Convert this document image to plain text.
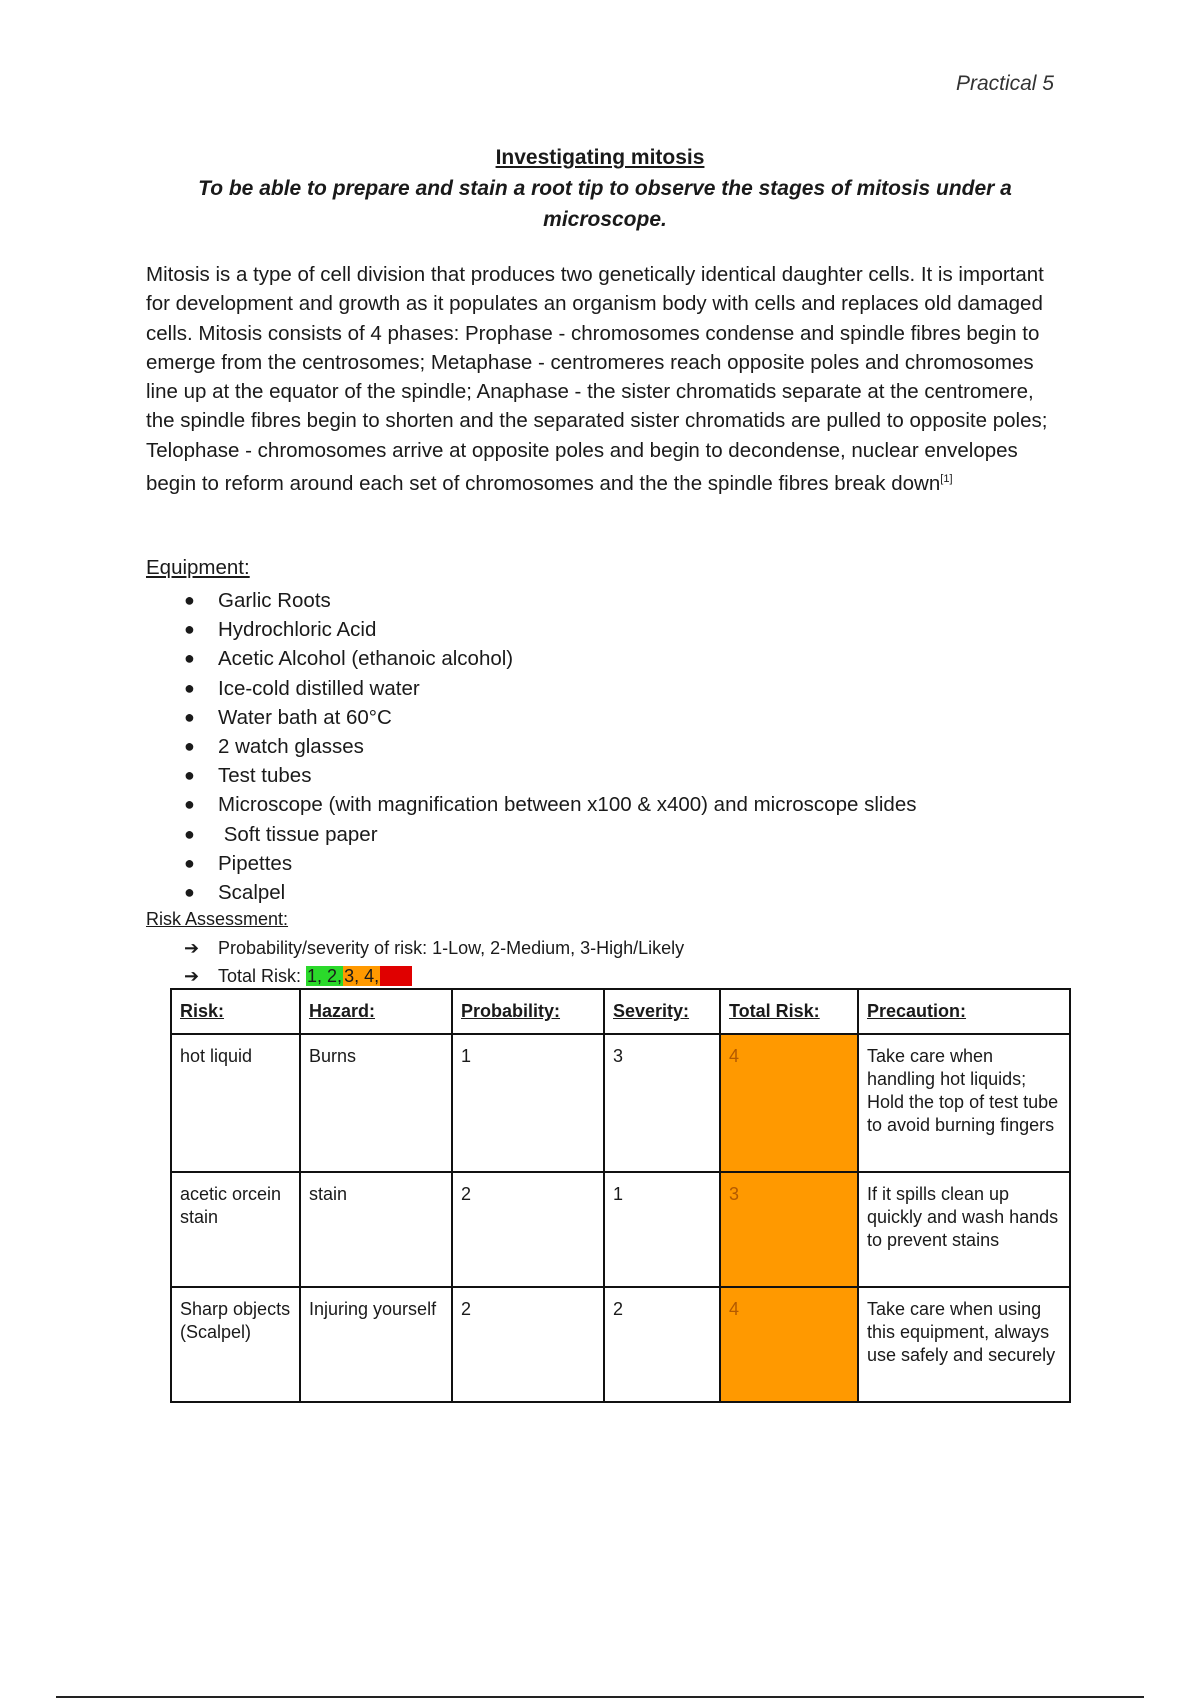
Practical 5
Investigating mitosis
To be able to prepare and stain a root tip to observe the stages of mitosis under a microscope.
Mitosis is a type of cell division that produces two genetically identical daughter cells. It is important for development and growth as it populates an organism body with cells and replaces old damaged cells. Mitosis consists of 4 phases: Prophase - chromosomes condense and spindle fibres begin to emerge from the centrosomes; Metaphase - centromeres reach opposite poles and chromosomes line up at the equator of the spindle; Anaphase - the sister chromatids separate at the centromere, the spindle fibres begin to shorten and the separated sister chromatids are pulled to opposite poles; Telophase - chromosomes arrive at opposite poles and begin to decondense, nuclear envelopes begin to reform around each set of chromosomes and the the spindle fibres break down[1]
Equipment:
● Garlic Roots
● Hydrochloric Acid
● Acetic Alcohol (ethanoic alcohol)
● Ice-cold distilled water
● Water bath at 60°C
● 2 watch glasses
● Test tubes
● Microscope (with magnification between x100 & x400) and microscope slides
● Soft tissue paper
● Pipettes
● Scalpel
Risk Assessment:
➔ Probability/severity of risk: 1-Low, 2-Medium, 3-High/Likely
➔ Total Risk: 1, 2, 3, 4, 6, 9
Risk:	Hazard:	Probability:	Severity:	Total Risk:	Precaution:
hot liquid	Burns	1	3	4	Take care when handling hot liquids; Hold the top of test tube to avoid burning fingers
acetic orcein stain	stain	2	1	3	If it spills clean up quickly and wash hands to prevent stains
Sharp objects (Scalpel)	Injuring yourself	2	2	4	Take care when using this equipment, always use safely and securely
